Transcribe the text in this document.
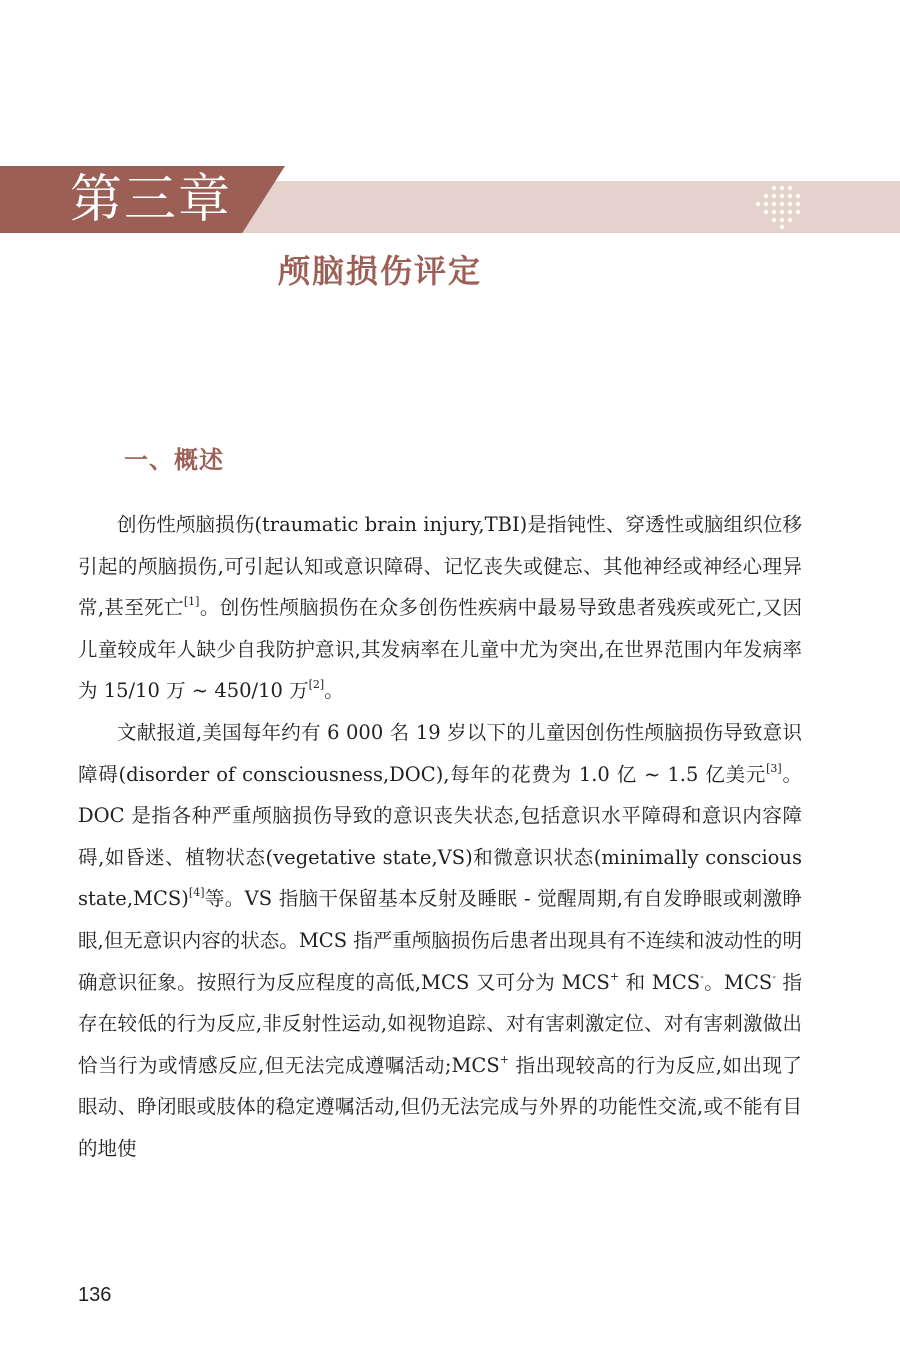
第三章
颅脑损伤评定
一、概述

创伤性颅脑损伤(traumatic brain injury,TBI)是指钝性、穿透性或脑组织位移引起的颅脑损伤,可引起认知或意识障碍、记忆丧失或健忘、其他神经或神经心理异常,甚至死亡[1]。创伤性颅脑损伤在众多创伤性疾病中最易导致患者残疾或死亡,又因儿童较成年人缺少自我防护意识,其发病率在儿童中尤为突出,在世界范围内年发病率为 15/10 万 ~ 450/10 万[2]。

文献报道,美国每年约有 6 000 名 19 岁以下的儿童因创伤性颅脑损伤导致意识障碍(disorder of consciousness,DOC),每年的花费为 1.0 亿 ~ 1.5 亿美元[3]。DOC 是指各种严重颅脑损伤导致的意识丧失状态,包括意识水平障碍和意识内容障碍,如昏迷、植物状态(vegetative state,VS)和微意识状态(minimally conscious state,MCS)[4]等。VS 指脑干保留基本反射及睡眠 - 觉醒周期,有自发睁眼或刺激睁眼,但无意识内容的状态。MCS 指严重颅脑损伤后患者出现具有不连续和波动性的明确意识征象。按照行为反应程度的高低,MCS 又可分为 MCS+ 和 MCS-。MCS- 指存在较低的行为反应,非反射性运动,如视物追踪、对有害刺激定位、对有害刺激做出恰当行为或情感反应,但无法完成遵嘱活动;MCS+ 指出现较高的行为反应,如出现了眼动、睁闭眼或肢体的稳定遵嘱活动,但仍无法完成与外界的功能性交流,或不能有目的地使

136
